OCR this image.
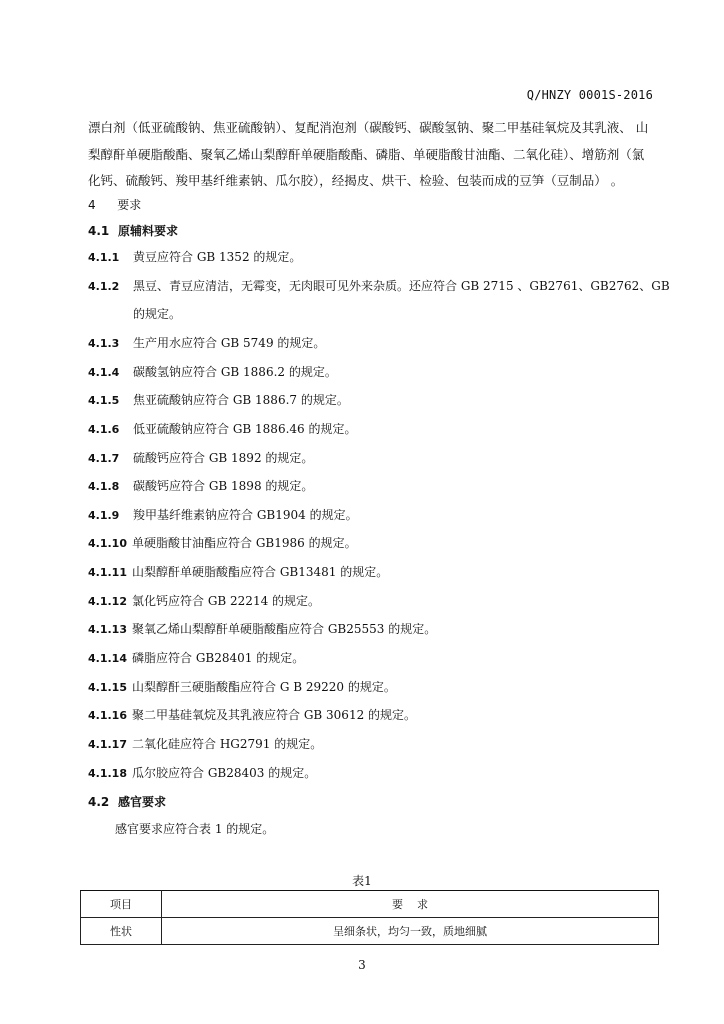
Q/HNZY 0001S-2016

漂白剂（低亚硫酸钠、焦亚硫酸钠）、复配消泡剂（碳酸钙、碳酸氢钠、聚二甲基硅氧烷及其乳液、 山

梨醇酐单硬脂酸酯、聚氧乙烯山梨醇酐单硬脂酸酯、磷脂、单硬脂酸甘油酯、二氧化硅）、增筋剂（氯

化钙、硫酸钙、羧甲基纤维素钠、瓜尔胶），经揭皮、烘干、检验、包装而成的豆笋（豆制品） 。

4 要求
4.1 原辅料要求
4.1.1 黄豆应符合 GB 1352 的规定。
4.1.2 黑豆、青豆应清洁，无霉变，无肉眼可见外来杂质。还应符合 GB 2715 、GB2761、GB2762、GB
的规定。
4.1.3 生产用水应符合 GB 5749 的规定。
4.1.4 碳酸氢钠应符合 GB 1886.2 的规定。
4.1.5 焦亚硫酸钠应符合 GB 1886.7 的规定。
4.1.6 低亚硫酸钠应符合 GB 1886.46 的规定。
4.1.7 硫酸钙应符合 GB 1892 的规定。
4.1.8 碳酸钙应符合 GB 1898 的规定。
4.1.9 羧甲基纤维素钠应符合 GB1904 的规定。
4.1.10 单硬脂酸甘油酯应符合 GB1986 的规定。
4.1.11 山梨醇酐单硬脂酸酯应符合 GB13481 的规定。
4.1.12 氯化钙应符合 GB 22214 的规定。
4.1.13 聚氧乙烯山梨醇酐单硬脂酸酯应符合 GB25553 的规定。
4.1.14 磷脂应符合 GB28401 的规定。
4.1.15 山梨醇酐三硬脂酸酯应符合 G B 29220 的规定。
4.1.16 聚二甲基硅氧烷及其乳液应符合 GB 30612 的规定。
4.1.17 二氧化硅应符合 HG2791 的规定。
4.1.18 瓜尔胶应符合 GB28403 的规定。
4.2 感官要求
感官要求应符合表 1 的规定。
表1
项目	要    求
性状	呈细条状，均匀一致，质地细腻
3
